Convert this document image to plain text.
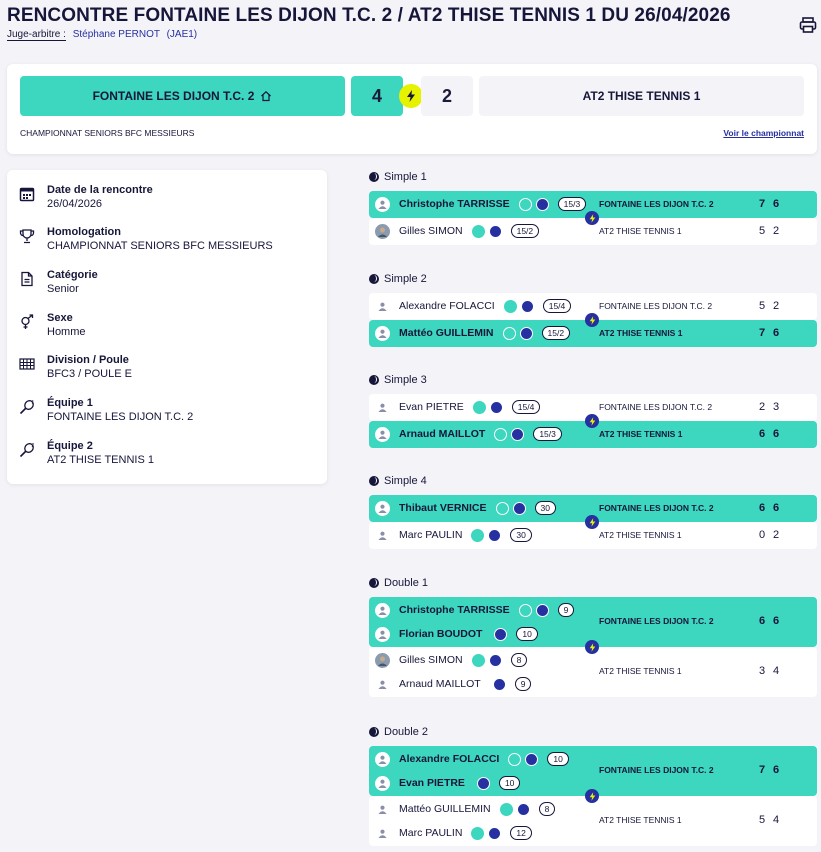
RENCONTRE FONTAINE LES DIJON T.C. 2 / AT2 THISE TENNIS 1 DU 26/04/2026
Juge-arbitre : Stéphane PERNOT (JAE1)
FONTAINE LES DIJON T.C. 2	4	2	AT2 THISE TENNIS 1
CHAMPIONNAT SENIORS BFC MESSIEURS	Voir le championnat
Date de la rencontre
26/04/2026
Homologation
CHAMPIONNAT SENIORS BFC MESSIEURS
Catégorie
Senior
Sexe
Homme
Division / Poule
BFC3 / POULE E
1 Équipe 1
FONTAINE LES DIJON T.C. 2
2 Équipe 2
AT2 THISE TENNIS 1
Simple 1
Christophe TARRISSE	15/3	FONTAINE LES DIJON T.C. 2	7 6
Gilles SIMON	15/2	AT2 THISE TENNIS 1	5 2
Simple 2
Alexandre FOLACCI	15/4	FONTAINE LES DIJON T.C. 2	5 2
Mattéo GUILLEMIN	15/2	AT2 THISE TENNIS 1	7 6
Simple 3
Evan PIETRE	15/4	FONTAINE LES DIJON T.C. 2	2 3
Arnaud MAILLOT	15/3	AT2 THISE TENNIS 1	6 6
Simple 4
Thibaut VERNICE	30	FONTAINE LES DIJON T.C. 2	6 6
Marc PAULIN	30	AT2 THISE TENNIS 1	0 2
Double 1
Christophe TARRISSE	9
Florian BOUDOT	10
FONTAINE LES DIJON T.C. 2	6 6
Gilles SIMON	8
Arnaud MAILLOT	9
AT2 THISE TENNIS 1	3 4
Double 2
Alexandre FOLACCI	10
Evan PIETRE	10
FONTAINE LES DIJON T.C. 2	7 6
Mattéo GUILLEMIN	8
Marc PAULIN	12
AT2 THISE TENNIS 1	5 4
